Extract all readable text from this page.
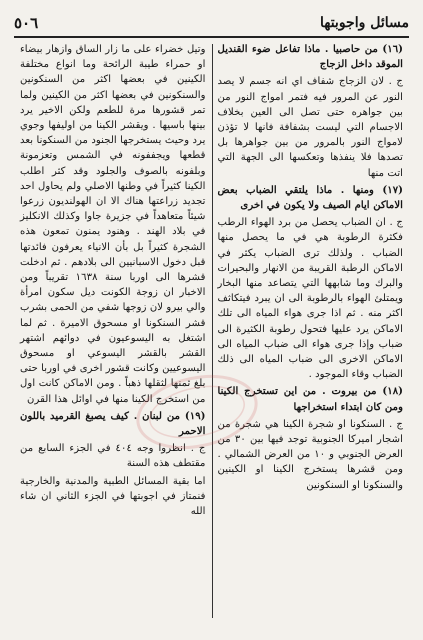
٥٠٦	مسائل واجوبتها

(١٦) من حاصبيا . ماذا تفاعل ضوء القنديل الموقد داخل الزجاج

ج . لان الزجاج شفاف اي انه جسم لا يصد النور عن المرور فيه فتمر امواج النور من بين جواهره حتى تصل الى العين بخلاف الاجسام التي ليست بشفافة فانها لا تؤذن لامواج النور بالمرور من بين جواهرها بل تصدها فلا ينفذها وتعكسها الى الجهة التي اتت منها

(١٧) ومنها . ماذا يلتقي الضباب بعض الاماكن ايام الصيف ولا يكون في اخرى

ج . ان الضباب يحصل من برد الهواء الرطب فكثرة الرطوبة هي في ما يحصل منها الضباب . ولذلك ترى الضباب يكثر في الاماكن الرطبة القريبة من الانهار والبحيرات والبرك وما شابهها التي يتصاعد منها البخار ويمتلئ الهواء بالرطوبة الى ان يبرد فيتكاثف اكثر منه . ثم اذا جرى هواء المياه الى تلك الاماكن يرد عليها فتحول رطوبة الكثيرة الى ضباب وإذا جرى هواء الى ضباب المياه الى الاماكن الاخرى الى ضباب المياه الى ذلك الضباب وقاء الموجود .

(١٨) من بيروت . من اين تستخرج الكينا ومن كان ابتداء استخراجها

ج . السنكونا او شجرة الكينا هي شجرة من اشجار اميركا الجنوبية توجد فيها بين ٣٠ من العرض الجنوبي و ١٠ من العرض الشمالي . ومن قشرها يستخرج الكينا او الكينين والسنكونا او السنكونين

وتيل خضراء على ما زار الساق وازهار بيضاء او حمراء طيبة الرائحة وما انواع مختلفة الكينين في بعضها اكثر من السنكونين والسنكونين في بعضها اكثر من الكينين ولما تمر قشورها مرة للطعم ولكن الاخير يرد بينها باسيها . ويقشر الكينا من اوليفها وجوي يرد وحيث يستخرجها الجنود من السنكونا بعد قطعها ويجففونه في الشمس وتعزمونة وبلفونه بالصوف والجلود وقد كثر اطلب الكينا كثيراً في وطنها الاصلي ولم يحاول احد تجديد زراعتها هناك الا ان الهولنديون زرعوا شيئاً متعاهداً في جزيرة جاوا وكذلك الانكليز في بلاد الهند . وهنود يمنون تمعون هذه الشجرة كثيراً بل بأن الانياء يعرفون فائدتها قبل دخول الاسبانيين الى بلادهم . ثم ادخلت قشرها الى اوربا سنة ١٦٣٨ تقريباً ومن الاخبار ان زوجة الكونت ديل سكون امرأة والي بيرو لان زوجها شفي من الحمى بشرب قشر السنكونا او مسحوق الاميرة . ثم لما اشتغل به اليسوعيون في دوائهم اشتهر القشر بالقشر اليسوعي او مسحوق اليسوعيين وكانت قشور اخرى في اوربا حتى بلغ ثمنها لثقلها ذهباً . ومن الاماكن كانت اول من استخرج الكينا منها في اوائل هذا القرن

(١٩) من لبنان . كيف يصبغ القرميد باللون الاحمر

ج . انظروا وجه ٤٠٤ في الجزء السابع من مقتطف هذه السنة

اما بقية المسائل الطبية والمدنية والخارجية فنمتاز في اجوبتها في الجزء الثاني ان شاء الله
